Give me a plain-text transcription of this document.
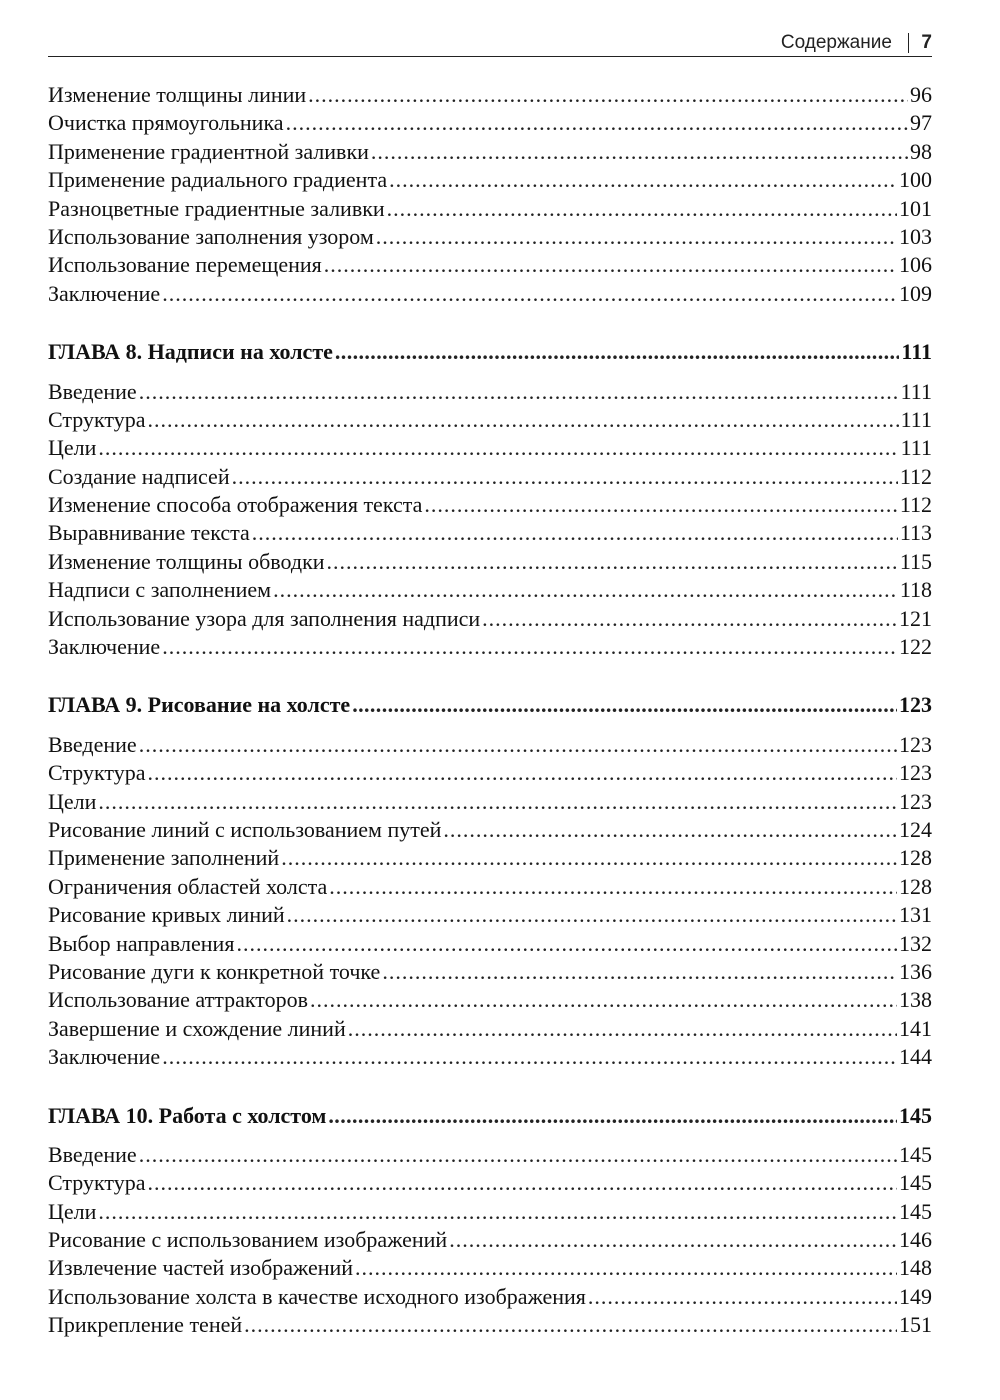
Содержание 7
Изменение толщины линии .....	96
Очистка прямоугольника .....	97
Применение градиентной заливки .....	98
Применение радиального градиента .....	100
Разноцветные градиентные заливки .....	101
Использование заполнения узором .....	103
Использование перемещения .....	106
Заключение .....	109
ГЛАВА 8. Надписи на холсте .....	111
Введение .....	111
Структура .....	111
Цели .....	111
Создание надписей .....	112
Изменение способа отображения текста .....	112
Выравнивание текста .....	113
Изменение толщины обводки .....	115
Надписи с заполнением .....	118
Использование узора для заполнения надписи .....	121
Заключение .....	122
ГЛАВА 9. Рисование на холсте .....	123
Введение .....	123
Структура .....	123
Цели .....	123
Рисование линий с использованием путей .....	124
Применение заполнений .....	128
Ограничения областей холста .....	128
Рисование кривых линий .....	131
Выбор направления .....	132
Рисование дуги к конкретной точке .....	136
Использование аттракторов .....	138
Завершение и схождение линий .....	141
Заключение .....	144
ГЛАВА 10. Работа с холстом .....	145
Введение .....	145
Структура .....	145
Цели .....	145
Рисование с использованием изображений .....	146
Извлечение частей изображений .....	148
Использование холста в качестве исходного изображения .....	149
Прикрепление теней .....	151
